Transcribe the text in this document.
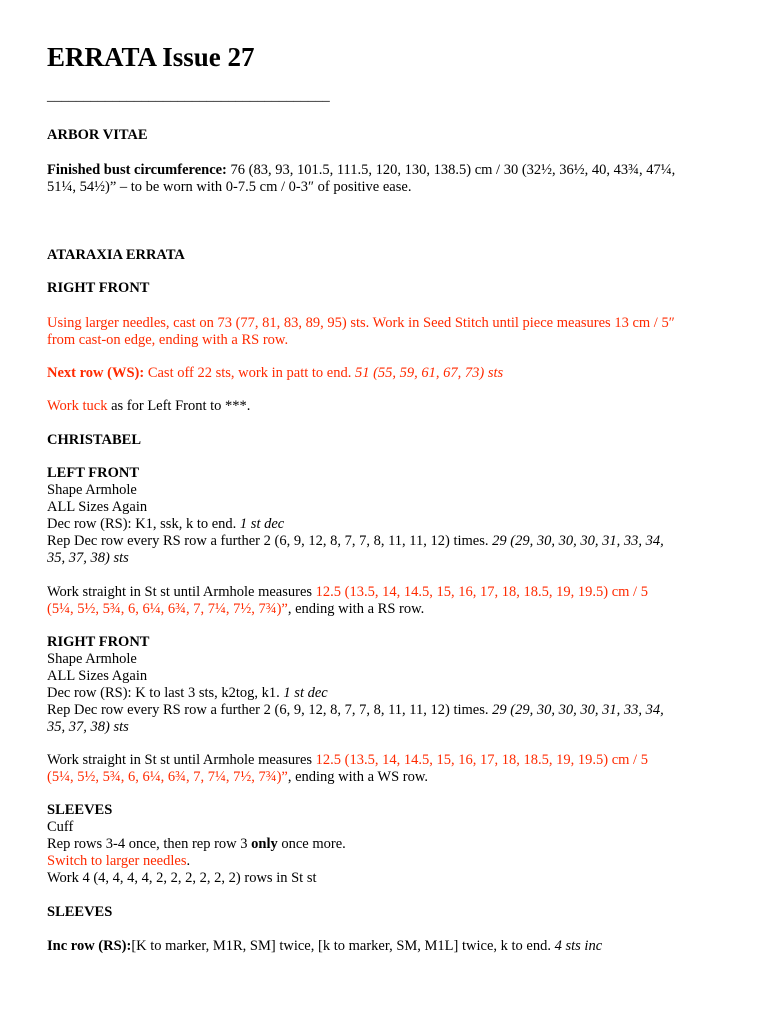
ERRATA Issue 27
_______________________________________

ARBOR VITAE

Finished bust circumference: 76 (83, 93, 101.5, 111.5, 120, 130, 138.5) cm / 30 (32½, 36½, 40, 43¾, 47¼,

51¼, 54½)” – to be worn with 0-7.5 cm / 0-3″ of positive ease.

ATARAXIA ERRATA

RIGHT FRONT

Using larger needles, cast on 73 (77, 81, 83, 89, 95) sts. Work in Seed Stitch until piece measures 13 cm / 5″

from cast-on edge, ending with a RS row.

Next row (WS): Cast off 22 sts, work in patt to end. 51 (55, 59, 61, 67, 73) sts

Work tuck as for Left Front to ***.

CHRISTABEL

LEFT FRONT

Shape Armhole

ALL Sizes Again

Dec row (RS): K1, ssk, k to end. 1 st dec

Rep Dec row every RS row a further 2 (6, 9, 12, 8, 7, 7, 8, 11, 11, 12) times. 29 (29, 30, 30, 30, 31, 33, 34,

35, 37, 38) sts

Work straight in St st until Armhole measures 12.5 (13.5, 14, 14.5, 15, 16, 17, 18, 18.5, 19, 19.5) cm / 5

(5¼, 5½, 5¾, 6, 6¼, 6¾, 7, 7¼, 7½, 7¾)”, ending with a RS row.

RIGHT FRONT

Shape Armhole

ALL Sizes Again

Dec row (RS): K to last 3 sts, k2tog, k1. 1 st dec

Rep Dec row every RS row a further 2 (6, 9, 12, 8, 7, 7, 8, 11, 11, 12) times. 29 (29, 30, 30, 30, 31, 33, 34,

35, 37, 38) sts

Work straight in St st until Armhole measures 12.5 (13.5, 14, 14.5, 15, 16, 17, 18, 18.5, 19, 19.5) cm / 5

(5¼, 5½, 5¾, 6, 6¼, 6¾, 7, 7¼, 7½, 7¾)”, ending with a WS row.

SLEEVES

Cuff

Rep rows 3-4 once, then rep row 3 only once more.

Switch to larger needles.

Work 4 (4, 4, 4, 4, 2, 2, 2, 2, 2, 2) rows in St st

SLEEVES

Inc row (RS):[K to marker, M1R, SM] twice, [k to marker, SM, M1L] twice, k to end. 4 sts inc
